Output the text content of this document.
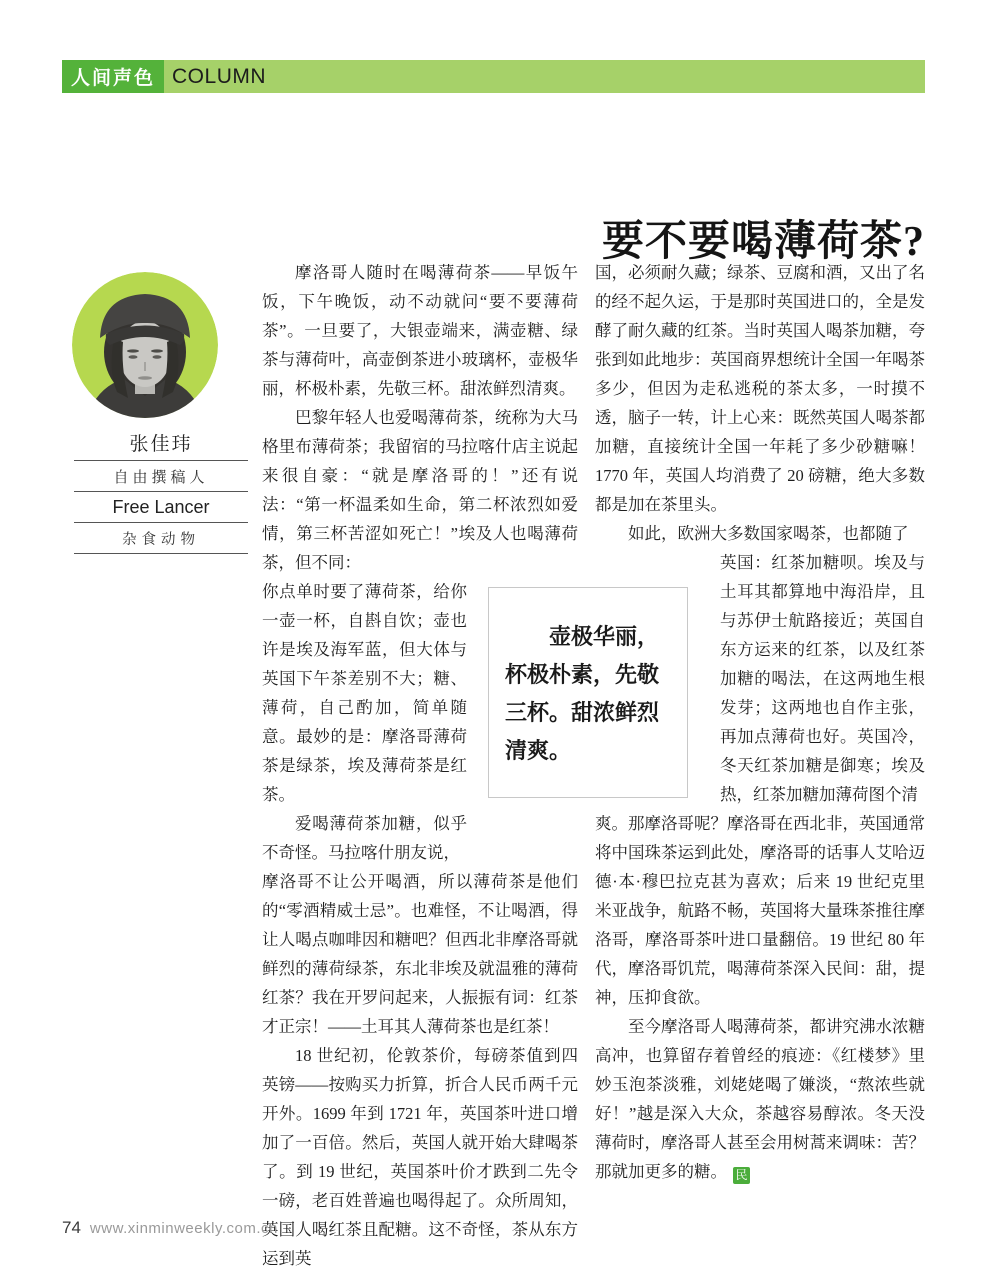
人间声色 COLUMN
要不要喝薄荷茶?
张佳玮
自由撰稿人
Free Lancer
杂食动物

摩洛哥人随时在喝薄荷茶——早饭午饭，下午晚饭，动不动就问“要不要薄荷茶”。一旦要了，大银壶端来，满壶糖、绿茶与薄荷叶，高壶倒茶进小玻璃杯，壶极华丽，杯极朴素，先敬三杯。甜浓鲜烈清爽。

巴黎年轻人也爱喝薄荷茶，统称为大马格里布薄荷茶；我留宿的马拉喀什店主说起来很自豪：“就是摩洛哥的！”还有说法：“第一杯温柔如生命，第二杯浓烈如爱情，第三杯苦涩如死亡！”埃及人也喝薄荷茶，但不同：

你点单时要了薄荷茶，给你一壶一杯，自斟自饮；壶也许是埃及海军蓝，但大体与英国下午茶差别不大；糖、薄荷，自己酌加，简单随意。最妙的是：摩洛哥薄荷茶是绿茶，埃及薄荷茶是红茶。

爱喝薄荷茶加糖，似乎不奇怪。马拉喀什朋友说，

摩洛哥不让公开喝酒，所以薄荷茶是他们的“零酒精威士忌”。也难怪，不让喝酒，得让人喝点咖啡因和糖吧？但西北非摩洛哥就鲜烈的薄荷绿茶，东北非埃及就温雅的薄荷红茶？我在开罗问起来，人振振有词：红茶才正宗！——土耳其人薄荷茶也是红茶！

18 世纪初，伦敦茶价，每磅茶值到四英镑——按购买力折算，折合人民币两千元开外。1699 年到 1721 年，英国茶叶进口增加了一百倍。然后，英国人就开始大肆喝茶了。到 19 世纪，英国茶叶价才跌到二先令一磅，老百姓普遍也喝得起了。众所周知，英国人喝红茶且配糖。这不奇怪，茶从东方运到英

国，必须耐久藏；绿茶、豆腐和酒，又出了名的经不起久运，于是那时英国进口的，全是发酵了耐久藏的红茶。当时英国人喝茶加糖，夸张到如此地步：英国商界想统计全国一年喝茶多少，但因为走私逃税的茶太多，一时摸不透，脑子一转，计上心来：既然英国人喝茶都加糖，直接统计全国一年耗了多少砂糖嘛！1770 年，英国人均消费了 20 磅糖，绝大多数都是加在茶里头。

如此，欧洲大多数国家喝茶，也都随了

英国：红茶加糖呗。埃及与土耳其都算地中海沿岸，且与苏伊士航路接近；英国自东方运来的红茶，以及红茶加糖的喝法，在这两地生根发芽；这两地也自作主张，再加点薄荷也好。英国冷，冬天红茶加糖是御寒；埃及热，红茶加糖加薄荷图个清

爽。那摩洛哥呢？摩洛哥在西北非，英国通常将中国珠茶运到此处，摩洛哥的话事人艾哈迈德·本·穆巴拉克甚为喜欢；后来 19 世纪克里米亚战争，航路不畅，英国将大量珠茶推往摩洛哥，摩洛哥茶叶进口量翻倍。19 世纪 80 年代，摩洛哥饥荒，喝薄荷茶深入民间：甜，提神，压抑食欲。

至今摩洛哥人喝薄荷茶，都讲究沸水浓糖高冲，也算留存着曾经的痕迹：《红楼梦》里妙玉泡茶淡雅，刘姥姥喝了嫌淡，“熬浓些就好！”越是深入大众，茶越容易醇浓。冬天没薄荷时，摩洛哥人甚至会用树蒿来调味：苦？那就加更多的糖。 民

壶极华丽，杯极朴素，先敬三杯。甜浓鲜烈清爽。
74 www.xinminweekly.com.cn
